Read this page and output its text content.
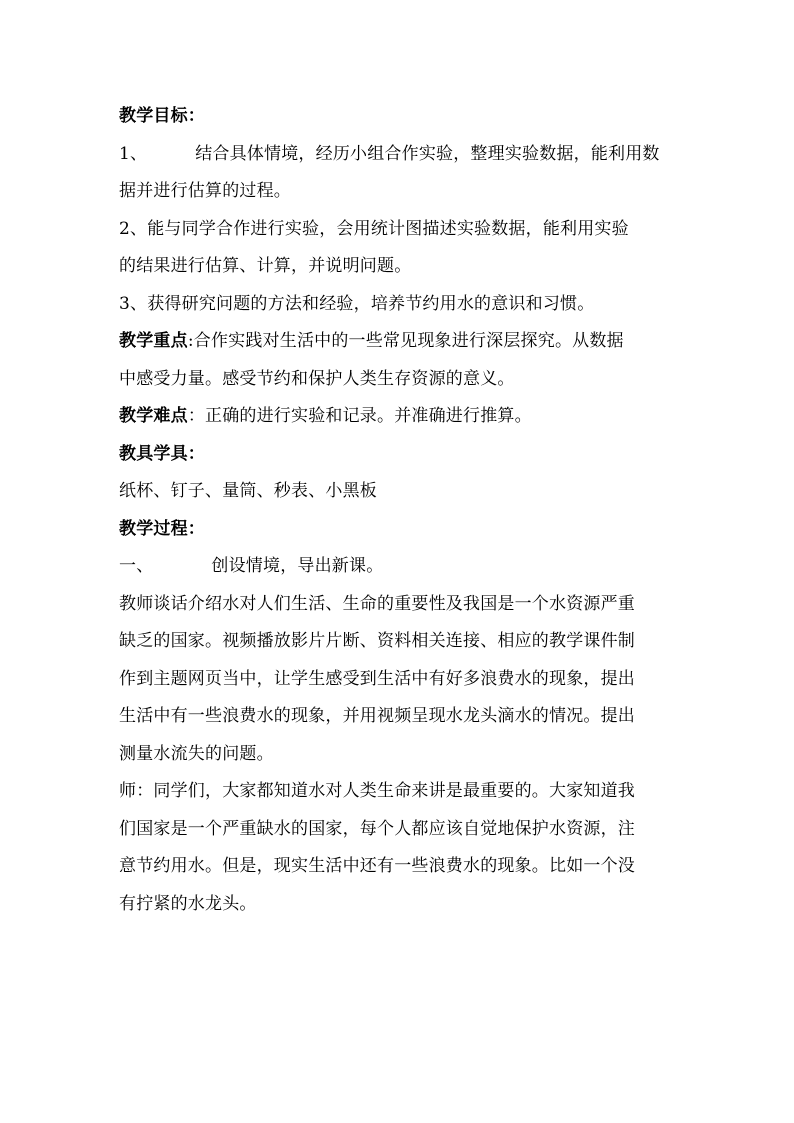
教学目标：
1、	结合具体情境，经历小组合作实验，整理实验数据，能利用数
据并进行估算的过程。
2、能与同学合作进行实验，会用统计图描述实验数据，能利用实验
的结果进行估算、计算，并说明问题。
3、获得研究问题的方法和经验，培养节约用水的意识和习惯。
教学重点:合作实践对生活中的一些常见现象进行深层探究。从数据
中感受力量。感受节约和保护人类生存资源的意义。
教学难点：正确的进行实验和记录。并准确进行推算。
教具学具：
纸杯、钉子、量筒、秒表、小黑板
教学过程：
一、	创设情境，导出新课。
教师谈话介绍水对人们生活、生命的重要性及我国是一个水资源严重
缺乏的国家。视频播放影片片断、资料相关连接、相应的教学课件制
作到主题网页当中，让学生感受到生活中有好多浪费水的现象，提出
生活中有一些浪费水的现象，并用视频呈现水龙头滴水的情况。提出
测量水流失的问题。
师：同学们，大家都知道水对人类生命来讲是最重要的。大家知道我
们国家是一个严重缺水的国家，每个人都应该自觉地保护水资源，注
意节约用水。但是，现实生活中还有一些浪费水的现象。比如一个没
有拧紧的水龙头。
